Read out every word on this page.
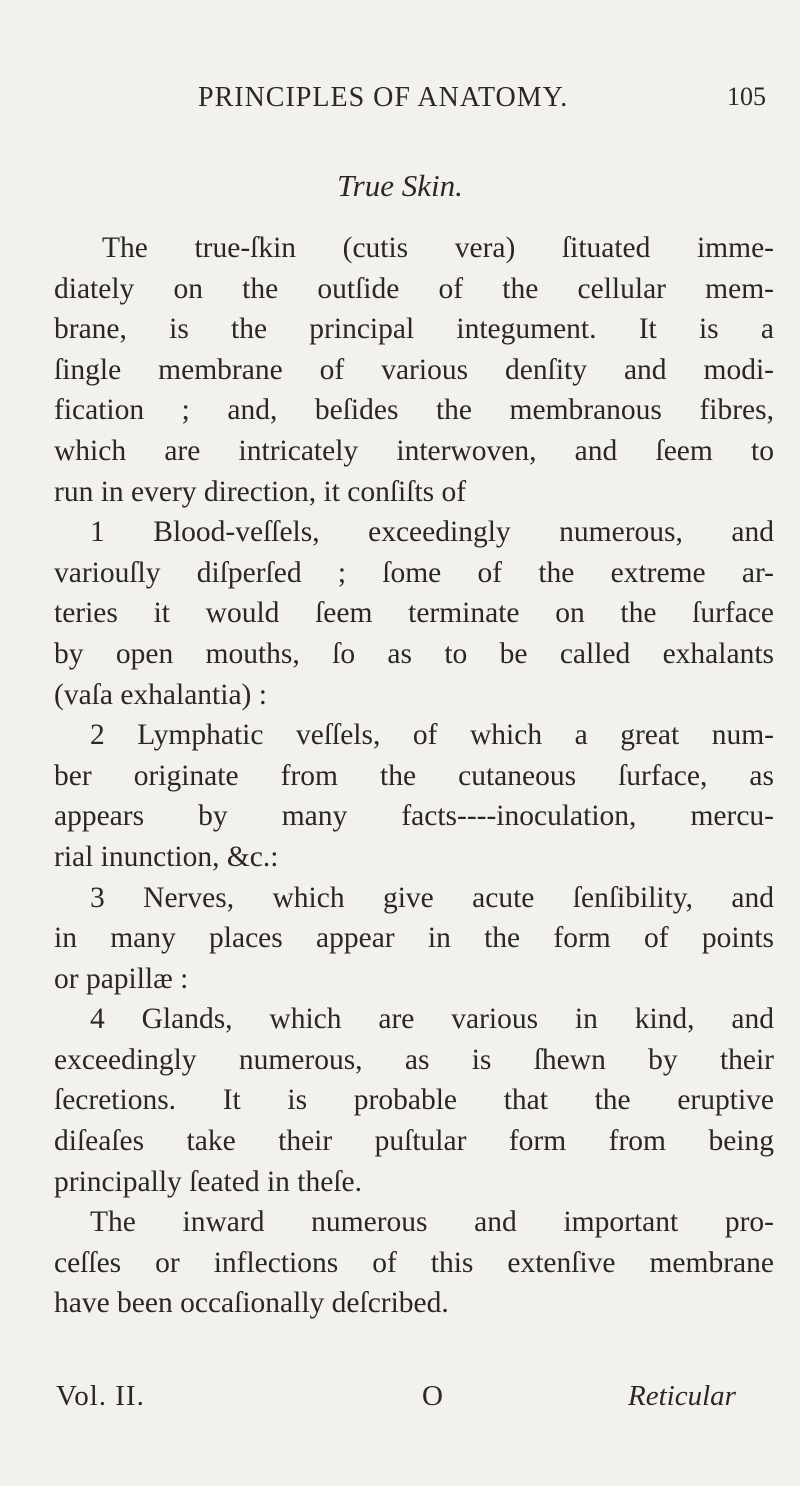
PRINCIPLES OF ANATOMY.	105
True Skin.
The true-ſkin (cutis vera) ſituated imme-
diately on the outſide of the cellular mem-
brane, is the principal integument. It is a
ſingle membrane of various denſity and modi-
fication ; and, beſides the membranous fibres,
which are intricately interwoven, and ſeem to
run in every direction, it conſiſts of
1 Blood-veſſels, exceedingly numerous, and
variouſly diſperſed ; ſome of the extreme ar-
teries it would ſeem terminate on the ſurface
by open mouths, ſo as to be called exhalants
(vaſa exhalantia) :
2 Lymphatic veſſels, of which a great num-
ber originate from the cutaneous ſurface, as
appears by many facts----inoculation, mercu-
rial inunction, &c.:
3 Nerves, which give acute ſenſibility, and
in many places appear in the form of points
or papillæ :
4 Glands, which are various in kind, and
exceedingly numerous, as is ſhewn by their
ſecretions. It is probable that the eruptive
diſeaſes take their puſtular form from being
principally ſeated in theſe.
The inward numerous and important pro-
ceſſes or inflections of this extenſive membrane
have been occaſionally deſcribed.
Vol. II.	O	Reticular
